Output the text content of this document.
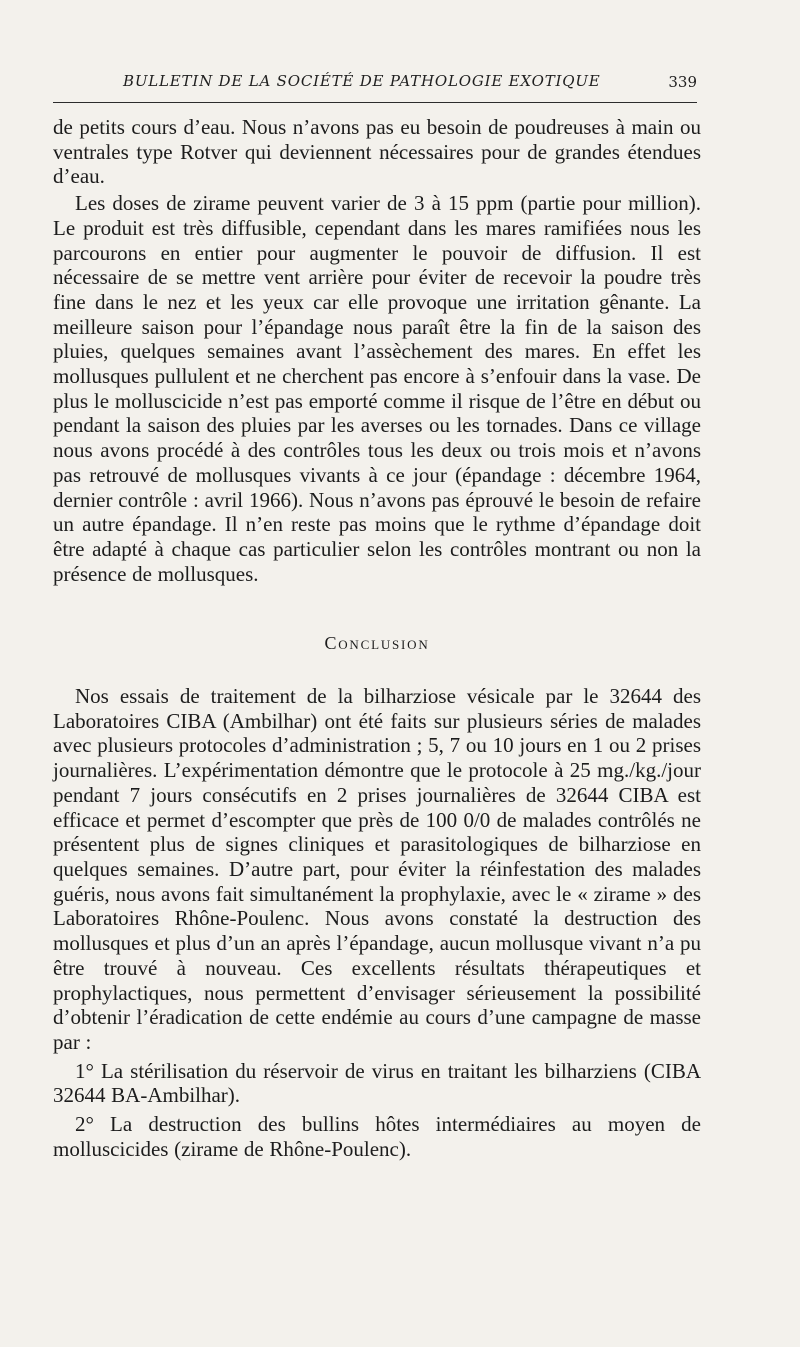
BULLETIN DE LA SOCIÉTÉ DE PATHOLOGIE EXOTIQUE	339

de petits cours d’eau. Nous n’avons pas eu besoin de poudreuses à main ou ventrales type Rotver qui deviennent nécessaires pour de grandes étendues d’eau.

Les doses de zirame peuvent varier de 3 à 15 ppm (partie pour million). Le produit est très diffusible, cependant dans les mares ramifiées nous les parcourons en entier pour augmenter le pouvoir de diffusion. Il est nécessaire de se mettre vent arrière pour éviter de recevoir la poudre très fine dans le nez et les yeux car elle provoque une irritation gênante. La meilleure saison pour l’épandage nous paraît être la fin de la saison des pluies, quelques semaines avant l’assèchement des mares. En effet les mollusques pullulent et ne cherchent pas encore à s’enfouir dans la vase. De plus le molluscicide n’est pas emporté comme il risque de l’être en début ou pendant la saison des pluies par les averses ou les tornades. Dans ce village nous avons procédé à des contrôles tous les deux ou trois mois et n’avons pas retrouvé de mollusques vivants à ce jour (épandage : décembre 1964, dernier contrôle : avril 1966). Nous n’avons pas éprouvé le besoin de refaire un autre épandage. Il n’en reste pas moins que le rythme d’épandage doit être adapté à chaque cas particulier selon les contrôles montrant ou non la présence de mollusques.

Conclusion

Nos essais de traitement de la bilharziose vésicale par le 32644 des Laboratoires CIBA (Ambilhar) ont été faits sur plusieurs séries de malades avec plusieurs protocoles d’administration ; 5, 7 ou 10 jours en 1 ou 2 prises journalières. L’expérimentation démontre que le protocole à 25 mg./kg./jour pendant 7 jours consécutifs en 2 prises journalières de 32644 CIBA est efficace et permet d’escompter que près de 100 0/0 de malades contrôlés ne présentent plus de signes cliniques et parasitologiques de bilharziose en quelques semaines. D’autre part, pour éviter la réinfestation des malades guéris, nous avons fait simultanément la prophylaxie, avec le « zirame » des Laboratoires Rhône-Poulenc. Nous avons constaté la destruction des mollusques et plus d’un an après l’épandage, aucun mollusque vivant n’a pu être trouvé à nouveau. Ces excellents résultats thérapeutiques et prophylactiques, nous permettent d’envisager sérieusement la possibilité d’obtenir l’éradication de cette endémie au cours d’une campagne de masse par :

1° La stérilisation du réservoir de virus en traitant les bilharziens (CIBA 32644 BA-Ambilhar).

2° La destruction des bullins hôtes intermédiaires au moyen de molluscicides (zirame de Rhône-Poulenc).
